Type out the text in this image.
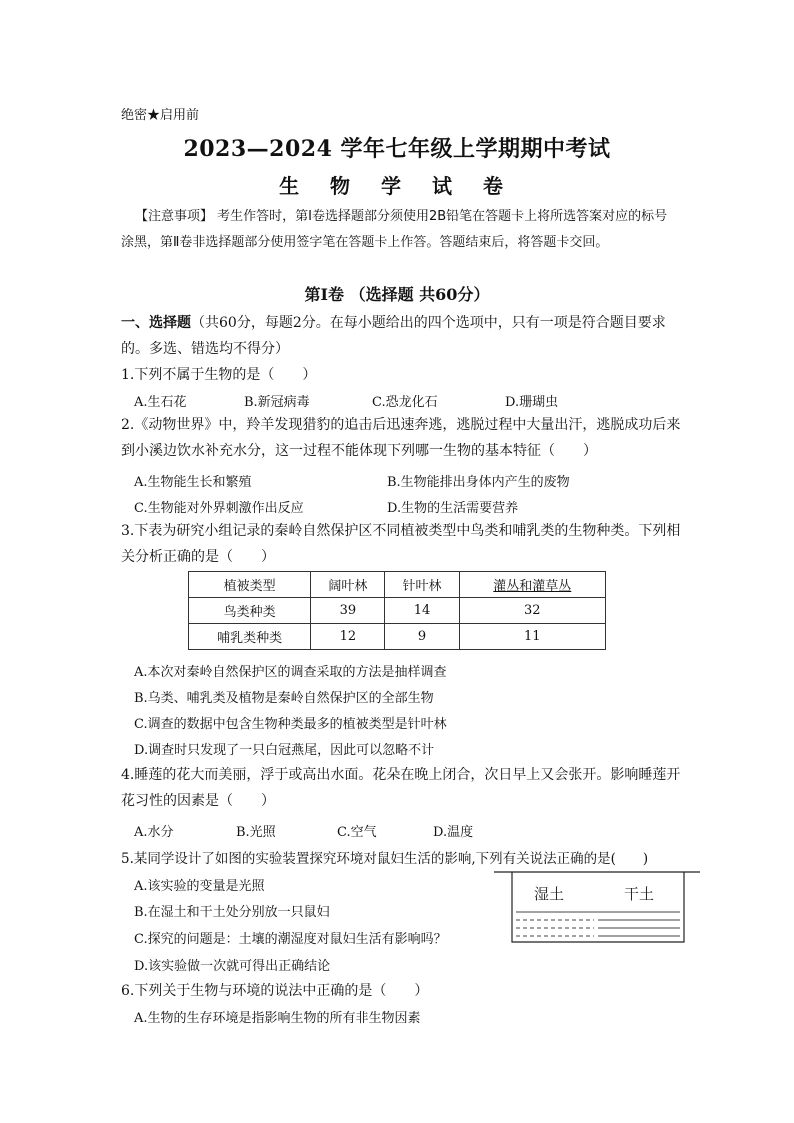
绝密★启用前
2023—2024 学年七年级上学期期中考试
生 物 学 试 卷
【注意事项】 考生作答时，第Ⅰ卷选择题部分须使用2B铅笔在答题卡上将所选答案对应的标号涂黑，第Ⅱ卷非选择题部分使用签字笔在答题卡上作答。答题结束后，将答题卡交回。
第Ⅰ卷 （选择题 共60分）
一、选择题（共60分，每题2分。在每小题给出的四个选项中，只有一项是符合题目要求的。多选、错选均不得分）
1.下列不属于生物的是（　　）
A.生石花	B.新冠病毒	C.恐龙化石	D.珊瑚虫
2.《动物世界》中，羚羊发现猎豹的追击后迅速奔逃，逃脱过程中大量出汗，逃脱成功后来到小溪边饮水补充水分，这一过程不能体现下列哪一生物的基本特征（　　）
A.生物能生长和繁殖	B.生物能排出身体内产生的废物
C.生物能对外界刺激作出反应	D.生物的生活需要营养
3.下表为研究小组记录的秦岭自然保护区不同植被类型中鸟类和哺乳类的生物种类。下列相关分析正确的是（　　）
植被类型	阔叶林	针叶林	灌丛和灌草丛
鸟类种类	39	14	32
哺乳类种类	12	9	11
A.本次对秦岭自然保护区的调查采取的方法是抽样调查
B.乌类、哺乳类及植物是秦岭自然保护区的全部生物
C.调查的数据中包含生物种类最多的植被类型是针叶林
D.调查时只发现了一只白冠燕尾，因此可以忽略不计
4.睡莲的花大而美丽，浮于或高出水面。花朵在晚上闭合，次日早上又会张开。影响睡莲开花习性的因素是（　　）
A.水分	B.光照	C.空气	D.温度
5.某同学设计了如图的实验装置探究环境对鼠妇生活的影响,下列有关说法正确的是(　　)
A.该实验的变量是光照
B.在湿土和干土处分别放一只鼠妇
C.探究的问题是：土壤的潮湿度对鼠妇生活有影响吗？
D.该实验做一次就可得出正确结论
湿土	干土
6.下列关于生物与环境的说法中正确的是（　　）
A.生物的生存环境是指影响生物的所有非生物因素
